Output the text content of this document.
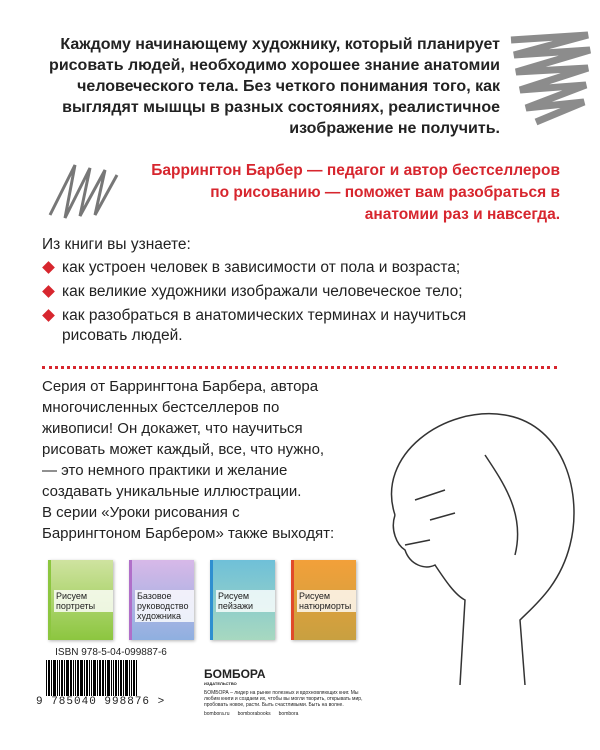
Каждому начинающему художнику, который планирует рисовать людей, необходимо хорошее знание анатомии человеческого тела. Без четкого понимания того, как выглядят мышцы в разных состояниях, реалистичное изображение не получить.
Баррингтон Барбер — педагог и автор бестселлеров по рисованию — поможет вам разобраться в анатомии раз и навсегда.
Из книги вы узнаете:
как устроен человек в зависимости от пола и возраста;
как великие художники изображали человеческое тело;
как разобраться в анатомических терминах и научиться рисовать людей.
Серия от Баррингтона Барбера, автора многочисленных бестселлеров по живописи! Он докажет, что научиться рисовать может каждый, все, что нужно, — это немного практики и желание создавать уникальные иллюстрации.
В серии «Уроки рисования с Баррингтоном Барбером» также выходят:
Рисуем портреты
Базовое руководство художника
Рисуем пейзажи
Рисуем натюрморты
ISBN 978-5-04-099887-6
9 785040 998876 >
БОМБОРА
ИЗДАТЕЛЬСТВО
БОМБОРА – лидер на рынке полезных и вдохновляющих книг. Мы любим книги и создаем их, чтобы вы могли творить, открывать мир, пробовать новое, расти. Быть счастливыми. Быть на волне.
bombora.ru bomborabooks bombora
